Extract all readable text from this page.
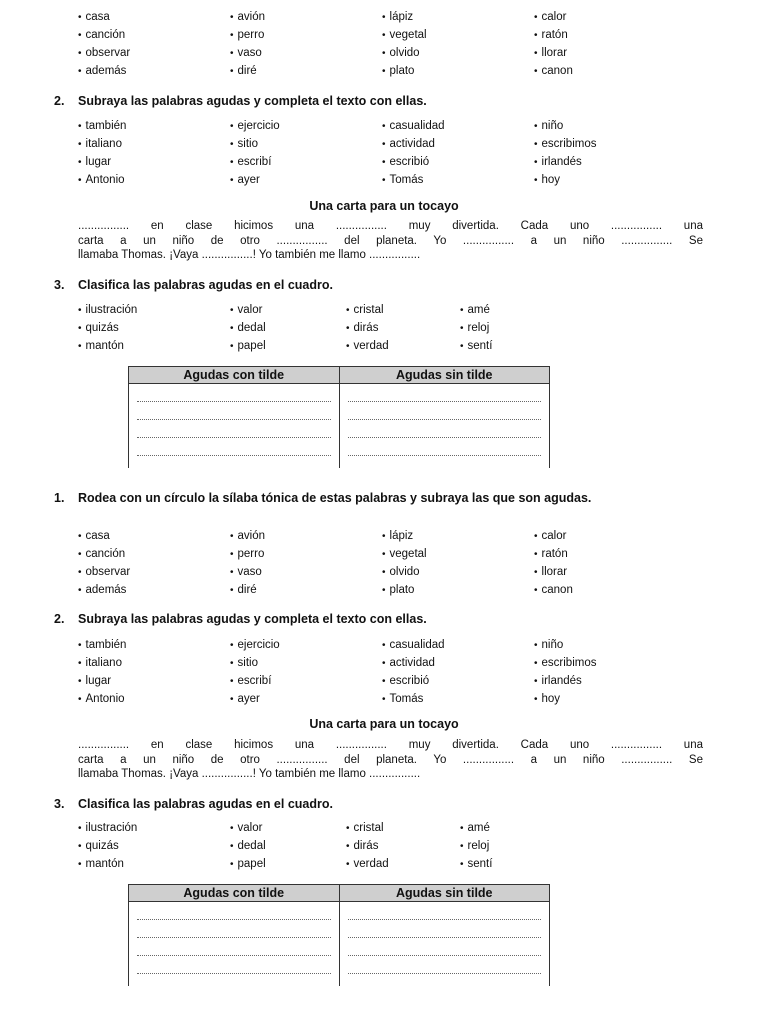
• casa	• avión	• lápiz	• calor
• canción	• perro	• vegetal	• ratón
• observar	• vaso	• olvido	• llorar
• además	• diré	• plato	• canon
2. Subraya las palabras agudas y completa el texto con ellas.
• también	• ejercicio	• casualidad	• niño
• italiano	• sitio	• actividad	• escribimos
• lugar	• escribí	• escribió	• irlandés
• Antonio	• ayer	• Tomás	• hoy
Una carta para un tocayo
................ en clase hicimos una ................ muy divertida. Cada uno ................ una
carta a un niño de otro ................ del planeta. Yo ................ a un niño ................ Se
llamaba Thomas. ¡Vaya ................! Yo también me llamo ................
3. Clasifica las palabras agudas en el cuadro.
• ilustración	• valor	• cristal	• amé
• quizás	• dedal	• dirás	• reloj
• mantón	• papel	• verdad	• sentí
Agudas con tilde	Agudas sin tilde

1.	Rodea con un círculo la sílaba tónica de estas palabras y subraya las que son agudas.
• casa	• avión	• lápiz	• calor
• canción	• perro	• vegetal	• ratón
• observar	• vaso	• olvido	• llorar
• además	• diré	• plato	• canon
2. Subraya las palabras agudas y completa el texto con ellas.
• también	• ejercicio	• casualidad	• niño
• italiano	• sitio	• actividad	• escribimos
• lugar	• escribí	• escribió	• irlandés
• Antonio	• ayer	• Tomás	• hoy
Una carta para un tocayo
................ en clase hicimos una ................ muy divertida. Cada uno ................ una
carta a un niño de otro ................ del planeta. Yo ................ a un niño ................ Se
llamaba Thomas. ¡Vaya ................! Yo también me llamo ................
3. Clasifica las palabras agudas en el cuadro.
• ilustración	• valor	• cristal	• amé
• quizás	• dedal	• dirás	• reloj
• mantón	• papel	• verdad	• sentí
Agudas con tilde	Agudas sin tilde
